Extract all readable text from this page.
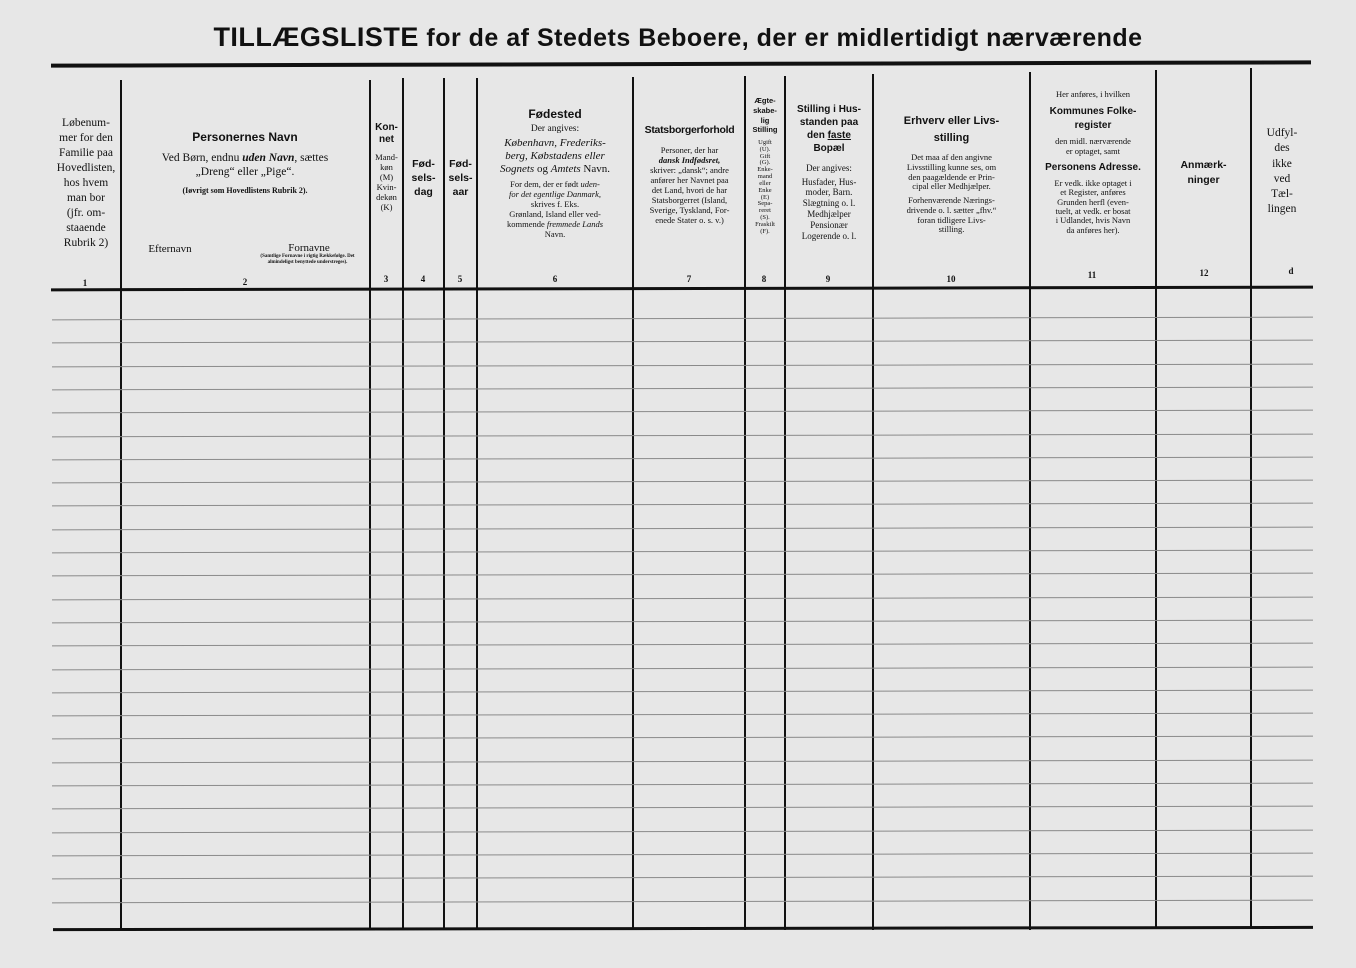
TILLÆGSLISTE for de af Stedets Beboere, der er midlertidigt nærværende
Løbenum-
mer for den
Familie paa
Hovedlisten,
hos hvem
man bor
(jfr. om-
staaende
Rubrik 2)
1
Personernes Navn
Ved Børn, endnu uden Navn, sættes
„Dreng“ eller „Pige“.
(Iøvrigt som Hovedlistens Rubrik 2).
Efternavn	Fornavne
(Samtlige Fornavne i rigtig Rækkefølge. Det almindeligst benyttede understreges).
2
Kon-
net
Mand-
køn
(M)
Kvin-
dekøn
(K)
3
Fød-
sels-
dag
4
Fød-
sels-
aar
5
Fødested
Der angives:
København, Frederiks-
berg, Købstadens eller
Sognets og Amtets Navn.
For dem, der er født uden-
for det egentlige Danmark,
skrives f. Eks.
Grønland, Island eller ved-
kommende fremmede Lands
Navn.
6
Statsborgerforhold
Personer, der har
dansk Indfødsret,
skriver: „dansk“; andre
anfører her Navnet paa
det Land, hvori de har
Statsborgerret (Island,
Sverige, Tyskland, For-
enede Stater o. s. v.)
7
Ægte-
skabe-
lig
Stilling
Ugift
(U).
Gift
(G).
Enke-
mand
eller
Enke
(E)
Sepa-
reret
(S).
Fraskilt
(F).
8
Stilling i Hus-
standen paa
den faste
Bopæl
Der angives:
Husfader, Hus-
moder, Barn.
Slægtning o. l.
Medhjælper
Pensionær
Logerende o. l.
9
Erhverv eller Livs-
stilling
Det maa af den angivne
Livsstilling kunne ses, om
den paagældende er Prin-
cipal eller Medhjælper.
Forhenværende Nærings-
drivende o. l. sætter „fhv.“
foran tidligere Livs-
stilling.
10
Her anføres, i hvilken
Kommunes Folke-
register
den midl. nærværende
er optaget, samt
Personens Adresse.
Er vedk. ikke optaget i
et Register, anføres
Grunden herfl (even-
tuelt, at vedk. er bosat
i Udlandet, hvis Navn
da anføres her).
11
Anmærk-
ninger
12
Udfyl-
des
ikke
ved
Tæl-
lingen
d
